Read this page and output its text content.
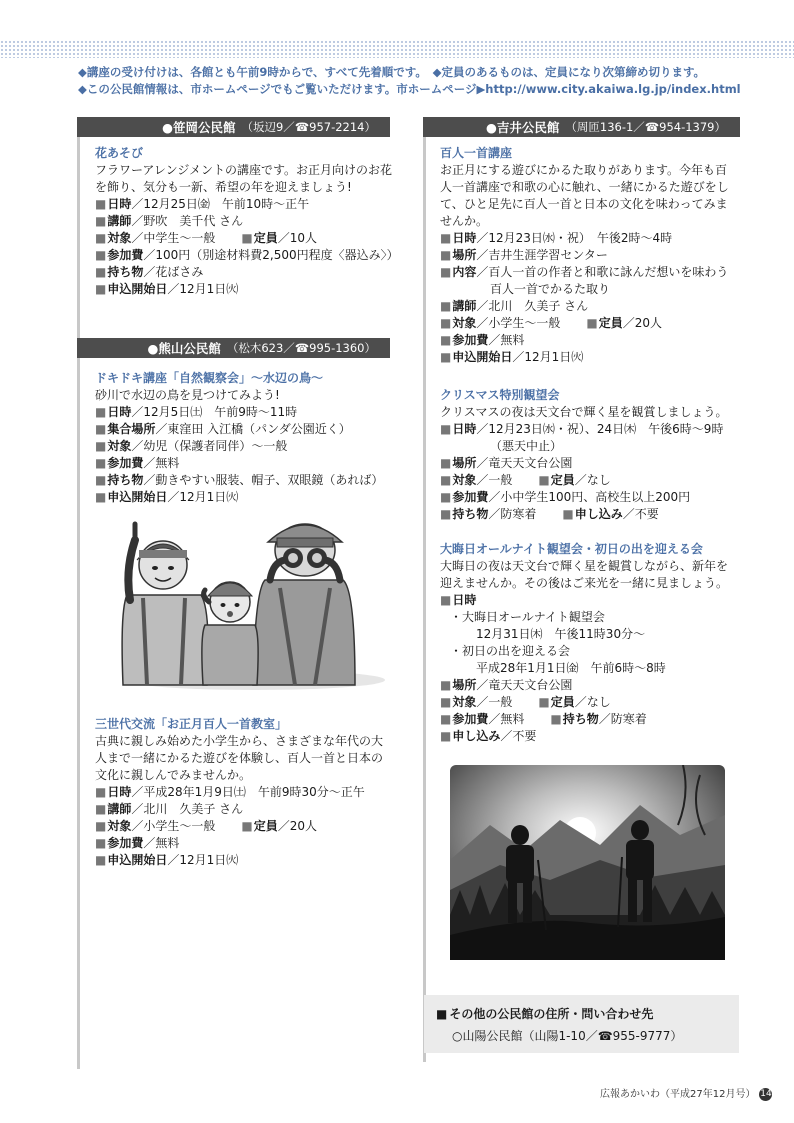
◆講座の受け付けは、各館とも午前9時からで、すべて先着順です。　◆定員のあるものは、定員になり次第締め切ります。
◆この公民館情報は、市ホームページでもご覧いただけます。市ホームページ▶http://www.city.akaiwa.lg.jp/index.html
●笹岡公民館 （坂辺9／☎957-2214）
花あそび
フラワーアレンジメントの講座です。お正月向けのお花
を飾り、気分も一新、希望の年を迎えましょう!
■ 日時／12月25日㈮　午前10時～正午
■ 講師／野吹　美千代 さん
■ 対象／中学生～一般	■ 定員／10人
■ 参加費／100円（別途材料費2,500円程度〈器込み〉）
■ 持ち物／花ばさみ
■ 申込開始日／12月1日㈫
●熊山公民館 （松木623／☎995-1360）
ドキドキ講座「自然観察会」～水辺の鳥～
砂川で水辺の鳥を見つけてみよう!
■ 日時／12月5日㈯　午前9時～11時
■ 集合場所／東窪田 入江橋（パンダ公園近く）
■ 対象／幼児（保護者同伴）～一般
■ 参加費／無料
■ 持ち物／動きやすい服装、帽子、双眼鏡（あれば）
■ 申込開始日／12月1日㈫
三世代交流「お正月百人一首教室」
古典に親しみ始めた小学生から、さまざまな年代の大
人まで一緒にかるた遊びを体験し、百人一首と日本の
文化に親しんでみませんか。
■ 日時／平成28年1月9日㈯　午前9時30分～正午
■ 講師／北川　久美子 さん
■ 対象／小学生～一般	■ 定員／20人
■ 参加費／無料
■ 申込開始日／12月1日㈫
●吉井公民館 （周匝136-1／☎954-1379）
百人一首講座
お正月にする遊びにかるた取りがあります。今年も百
人一首講座で和歌の心に触れ、一緒にかるた遊びをし
て、ひと足先に百人一首と日本の文化を味わってみま
せんか。
■ 日時／12月23日㈬・祝）　午後2時～4時
■ 場所／吉井生涯学習センター
■ 内容／百人一首の作者と和歌に詠んだ想いを味わう
百人一首でかるた取り
■ 講師／北川　久美子 さん
■ 対象／小学生～一般	■ 定員／20人
■ 参加費／無料
■ 申込開始日／12月1日㈫
クリスマス特別観望会
クリスマスの夜は天文台で輝く星を観賞しましょう。
■ 日時／12月23日㈬・祝）、24日㈭　午後6時～9時
（悪天中止）
■ 場所／竜天天文台公園
■ 対象／一般	■ 定員／なし
■ 参加費／小中学生100円、高校生以上200円
■ 持ち物／防寒着	■ 申し込み／不要
大晦日オールナイト観望会・初日の出を迎える会
大晦日の夜は天文台で輝く星を観賞しながら、新年を
迎えませんか。その後はご来光を一緒に見ましょう。
■ 日時
・大晦日オールナイト観望会
12月31日㈭　午後11時30分～
・初日の出を迎える会
平成28年1月1日㈮　午前6時～8時
■ 場所／竜天天文台公園
■ 対象／一般	■ 定員／なし
■ 参加費／無料	■ 持ち物／防寒着
■ 申し込み／不要
■ その他の公民館の住所・問い合わせ先
○山陽公民館（山陽1-10／☎955-9777）
広報あかいわ（平成27年12月号） 14
